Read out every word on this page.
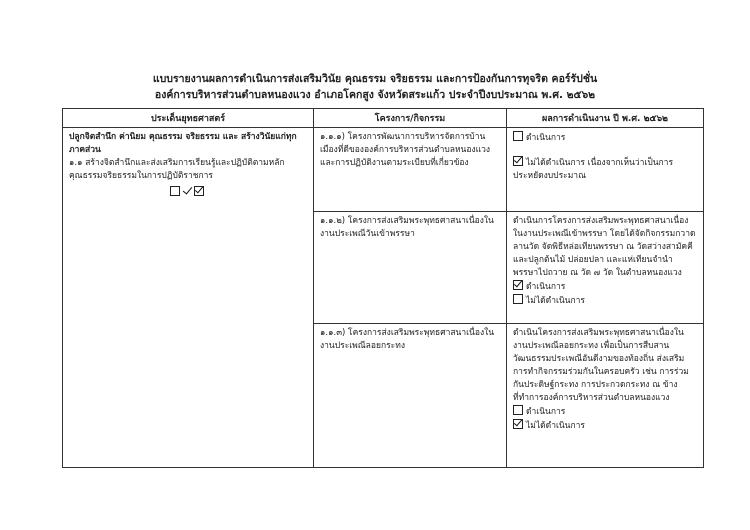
แบบรายงานผลการดำเนินการส่งเสริมวินัย คุณธรรม จริยธรรม และการป้องกันการทุจริต คอร์รัปชั่น
องค์การบริหารส่วนตำบลหนองแวง อำเภอโคกสูง จังหวัดสระแก้ว ประจำปีงบประมาณ พ.ศ. ๒๕๖๒
ประเด็นยุทธศาสตร์	โครงการ/กิจกรรม	ผลการดำเนินงาน ปี พ.ศ. ๒๕๖๒

ปลูกจิตสำนึก ค่านิยม คุณธรรม จริยธรรม และ สร้างวินัยแก่ทุกภาคส่วน
๑.๑ สร้างจิตสำนึกและส่งเสริมการเรียนรู้และปฏิบัติตามหลักคุณธรรมจริยธรรมในการปฏิบัติราชการ	๑.๑.๑) โครงการพัฒนาการบริหารจัดการบ้านเมืองที่ดีขององค์การบริหารส่วนตำบลหนองแวงและการปฏิบัติงานตามระเบียบที่เกี่ยวข้อง	ดำเนินการ
ไม่ได้ดำเนินการ เนื่องจากเห็นว่าเป็นการประหยัดงบประมาณ

	๑.๑.๒) โครงการส่งเสริมพระพุทธศาสนาเนื่องในงานประเพณีวันเข้าพรรษา	ดำเนินการโครงการส่งเสริมพระพุทธศาสนาเนื่องในงานประเพณีเข้าพรรษา โดยได้จัดกิจกรรมกวาดลานวัด จัดพิธีหล่อเทียนพรรษา ณ วัดสว่างสามัคคีและปลูกต้นไม้ ปล่อยปลา และแห่เทียนจำนำพรรษาไปถวาย ณ วัด ๗ วัด ในตำบลหนองแวง
ดำเนินการ
ไม่ได้ดำเนินการ

	๑.๑.๓) โครงการส่งเสริมพระพุทธศาสนาเนื่องในงานประเพณีลอยกระทง	ดำเนินโครงการส่งเสริมพระพุทธศาสนาเนื่องในงานประเพณีลอยกระทง เพื่อเป็นการสืบสานวัฒนธรรมประเพณีอันดีงามของท้องถิ่น ส่งเสริมการทำกิจกรรมร่วมกันในครอบครัว เช่น การร่วมกันประดิษฐ์กระทง การประกวดกระทง ณ ข้างที่ทำการองค์การบริหารส่วนตำบลหนองแวง
ดำเนินการ
ไม่ได้ดำเนินการ
